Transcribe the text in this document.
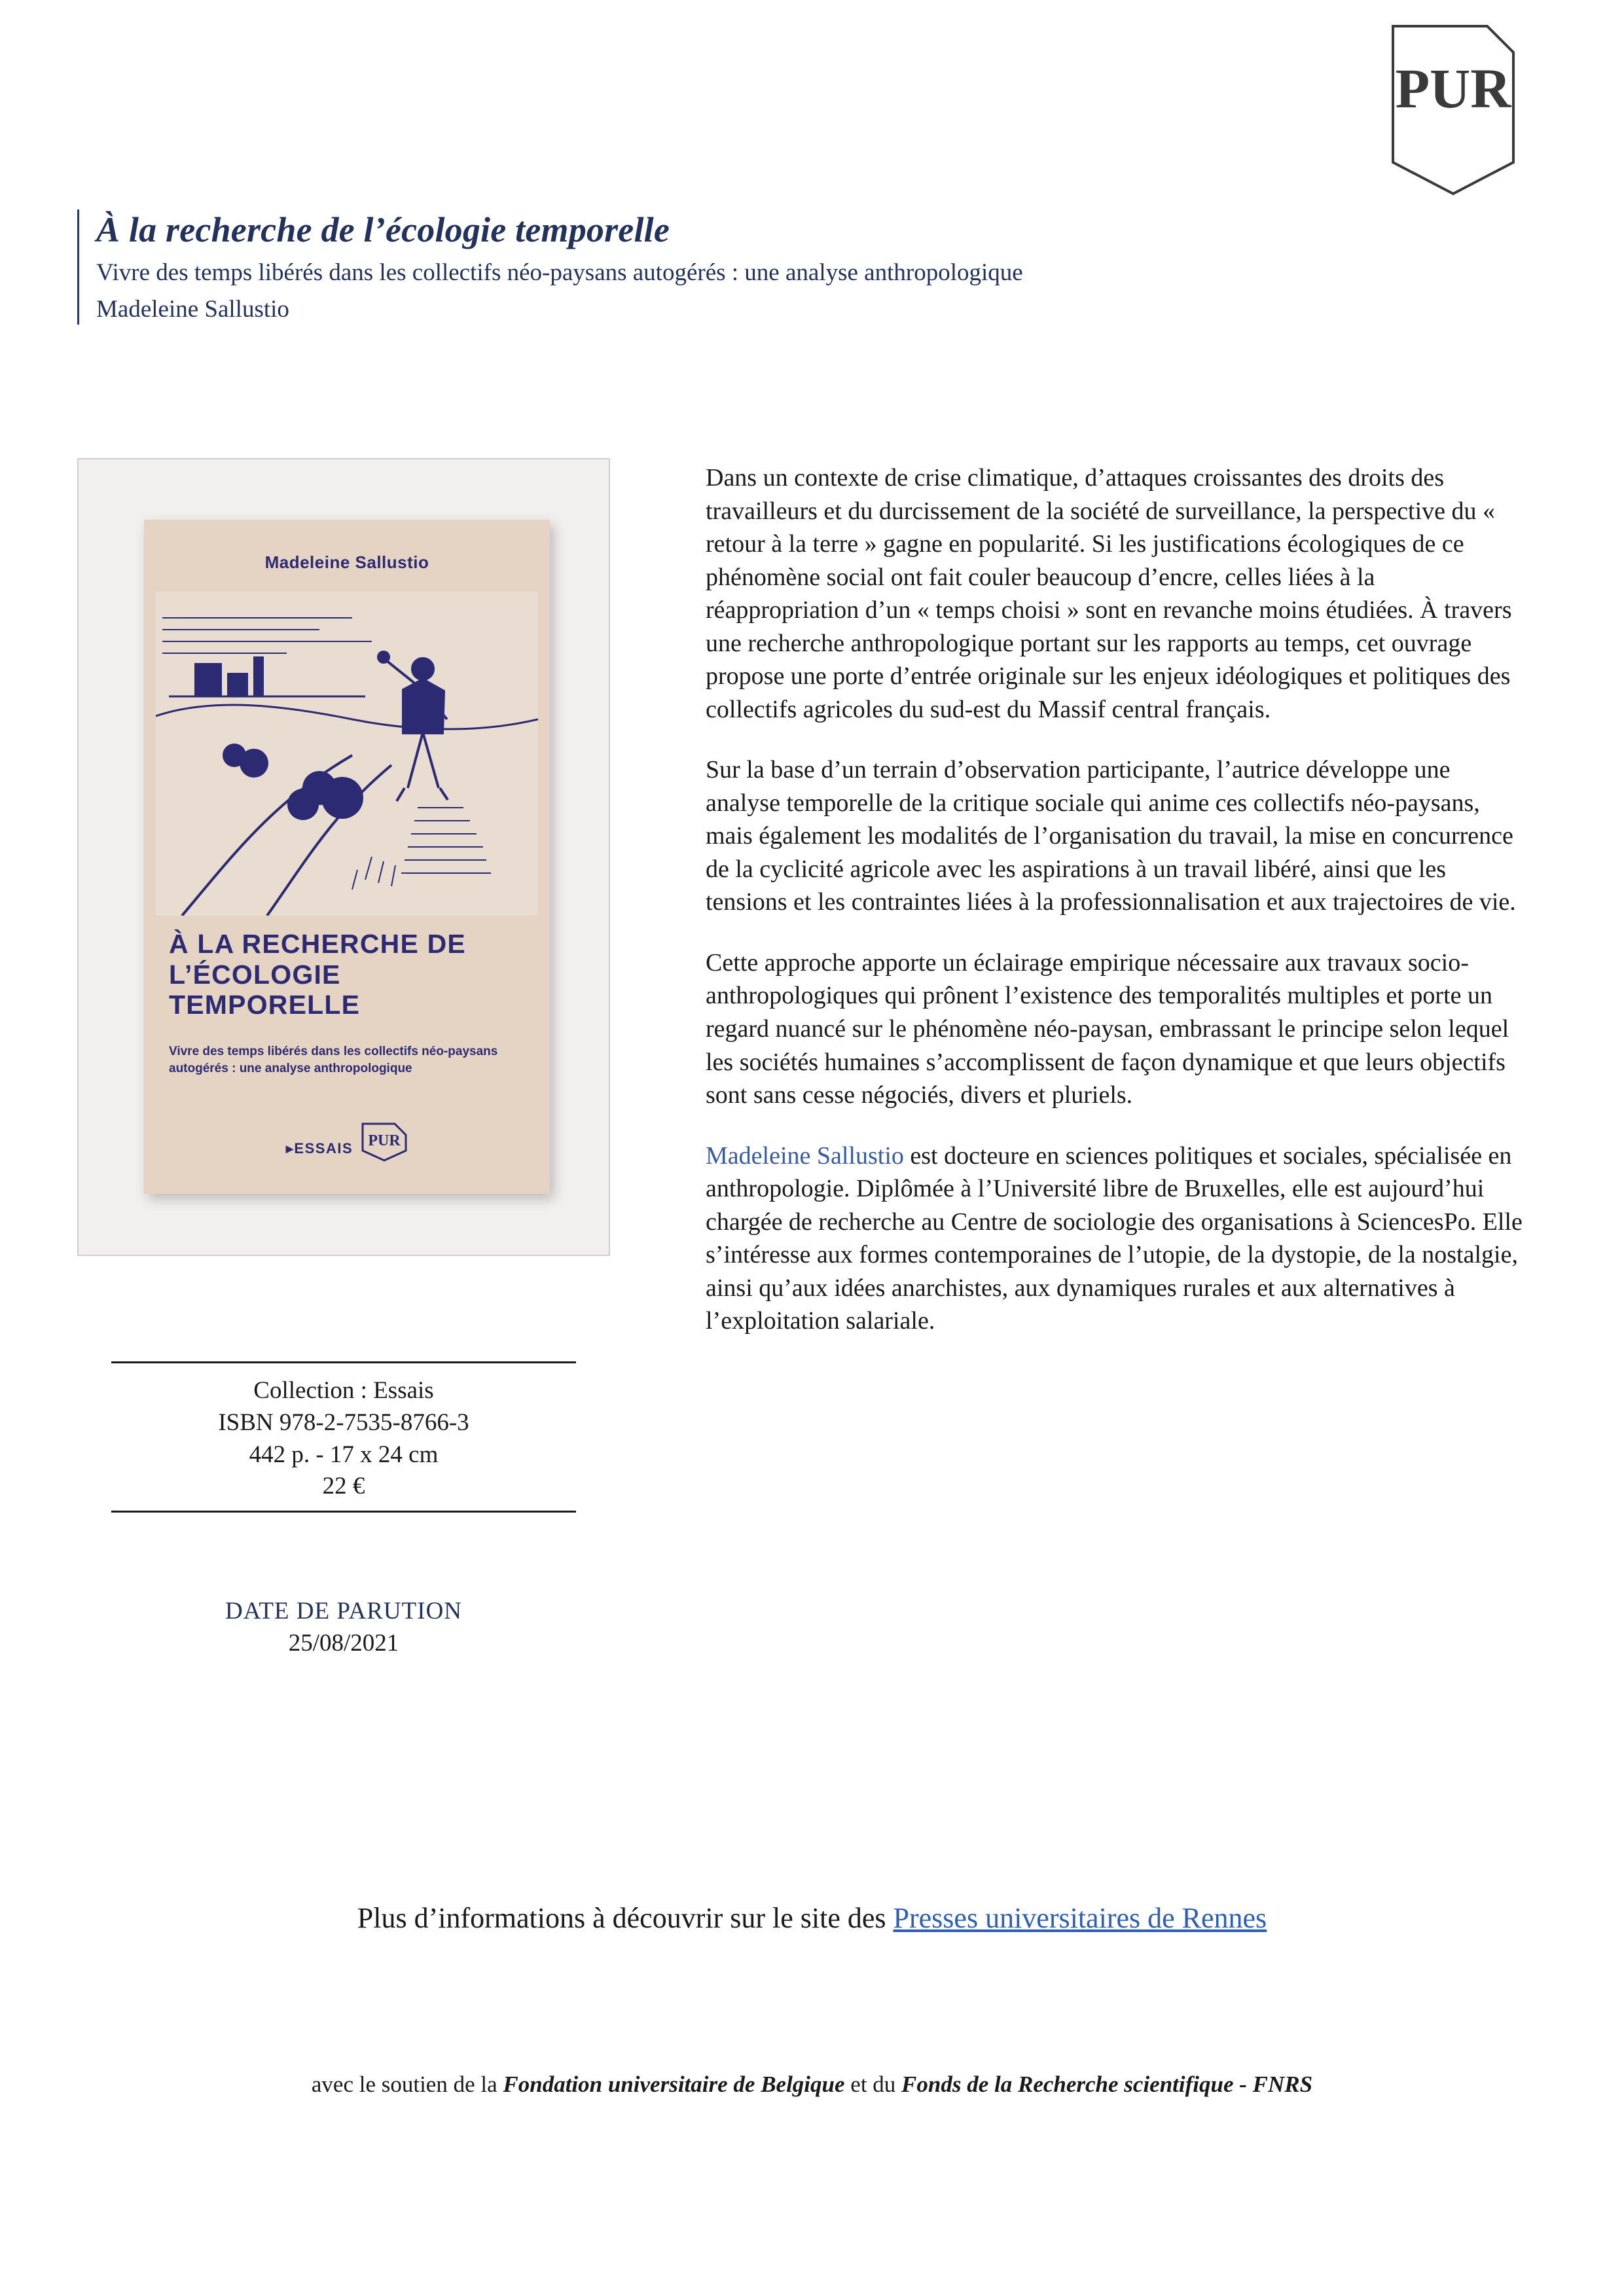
PUR
À la recherche de l’écologie temporelle
Vivre des temps libérés dans les collectifs néo-paysans autogérés : une analyse anthropologique
Madeleine Sallustio
Madeleine Sallustio
À LA RECHERCHE DE L’ÉCOLOGIE TEMPORELLE
Vivre des temps libérés dans les collectifs néo-paysans autogérés : une analyse anthropologique
▸ESSAIS PUR
Collection : Essais
ISBN 978-2-7535-8766-3
442 p. - 17 x 24 cm
22 €
DATE DE PARUTION
25/08/2021

Dans un contexte de crise climatique, d’attaques croissantes des droits des travailleurs et du durcissement de la société de surveillance, la perspective du « retour à la terre » gagne en popularité. Si les justifications écologiques de ce phénomène social ont fait couler beaucoup d’encre, celles liées à la réappropriation d’un « temps choisi » sont en revanche moins étudiées. À travers une recherche anthropologique portant sur les rapports au temps, cet ouvrage propose une porte d’entrée originale sur les enjeux idéologiques et politiques des collectifs agricoles du sud-est du Massif central français.

Sur la base d’un terrain d’observation participante, l’autrice développe une analyse temporelle de la critique sociale qui anime ces collectifs néo-paysans, mais également les modalités de l’organisation du travail, la mise en concurrence de la cyclicité agricole avec les aspirations à un travail libéré, ainsi que les tensions et les contraintes liées à la professionnalisation et aux trajectoires de vie.

Cette approche apporte un éclairage empirique nécessaire aux travaux socio-anthropologiques qui prônent l’existence des temporalités multiples et porte un regard nuancé sur le phénomène néo-paysan, embrassant le principe selon lequel les sociétés humaines s’accomplissent de façon dynamique et que leurs objectifs sont sans cesse négociés, divers et pluriels.

Madeleine Sallustio est docteure en sciences politiques et sociales, spécialisée en anthropologie. Diplômée à l’Université libre de Bruxelles, elle est aujourd’hui chargée de recherche au Centre de sociologie des organisations à SciencesPo. Elle s’intéresse aux formes contemporaines de l’utopie, de la dystopie, de la nostalgie, ainsi qu’aux idées anarchistes, aux dynamiques rurales et aux alternatives à l’exploitation salariale.

Plus d’informations à découvrir sur le site des Presses universitaires de Rennes
avec le soutien de la Fondation universitaire de Belgique et du Fonds de la Recherche scientifique - FNRS
